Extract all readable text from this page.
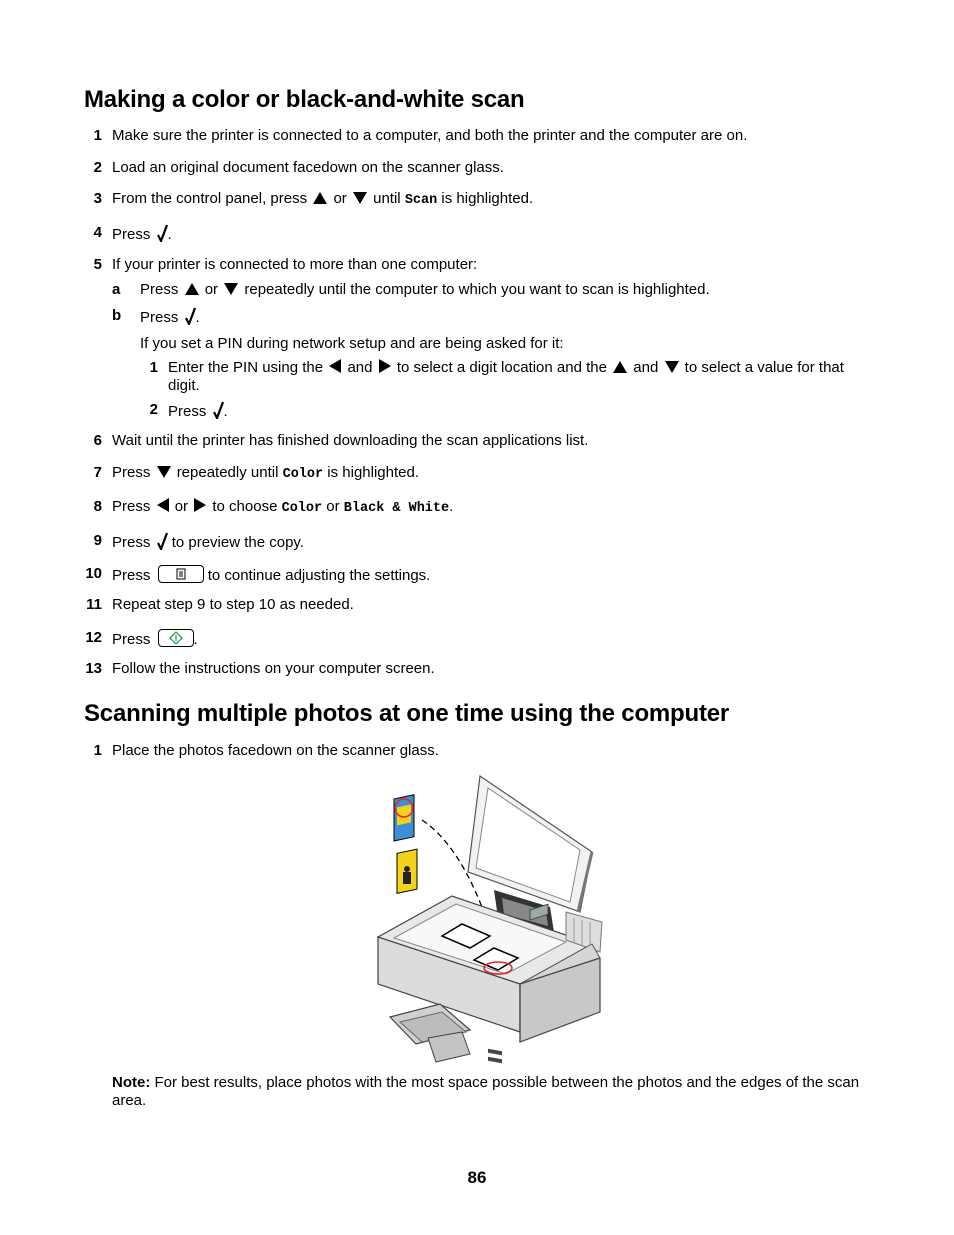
Making a color or black-and-white scan
1 Make sure the printer is connected to a computer, and both the printer and the computer are on.
2 Load an original document facedown on the scanner glass.
3 From the control panel, press or until Scan is highlighted.
4 Press .
5 If your printer is connected to more than one computer:
a	Press or repeatedly until the computer to which you want to scan is highlighted.
b	Press .
If you set a PIN during network setup and are being asked for it:
1 Enter the PIN using the and to select a digit location and the and to select a value for that
digit.
2 Press .
6 Wait until the printer has finished downloading the scan applications list.
7 Press repeatedly until Color is highlighted.
8 Press or to choose Color or Black & White.
9 Press to preview the copy.
10 Press	to continue adjusting the settings.
11 Repeat step 9 to step 10 as needed.
12 Press	.
13 Follow the instructions on your computer screen.
Scanning multiple photos at one time using the computer
1 Place the photos facedown on the scanner glass.
Note: For best results, place photos with the most space possible between the photos and the edges of the scan area.
86
